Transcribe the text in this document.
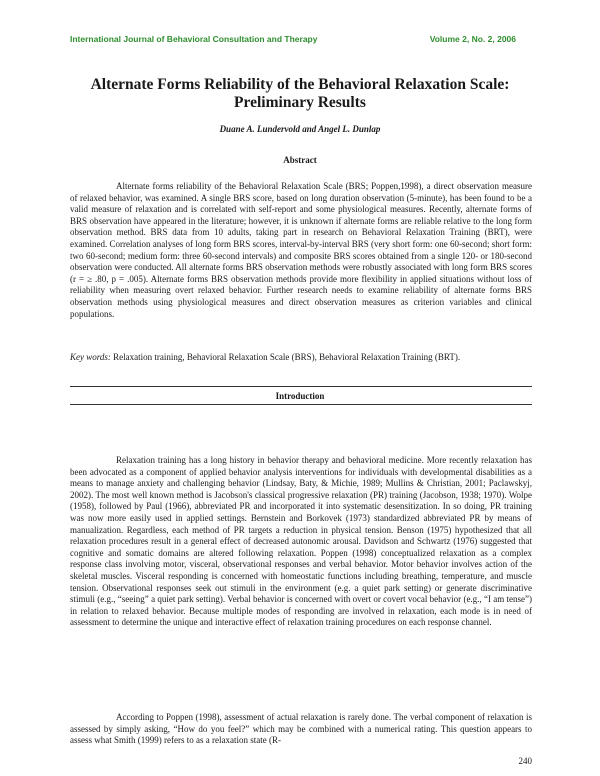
International Journal of Behavioral Consultation and Therapy	Volume 2, No. 2, 2006
Alternate Forms Reliability of the Behavioral Relaxation Scale:
Preliminary Results
Duane A. Lundervold and Angel L. Dunlap
Abstract

Alternate forms reliability of the Behavioral Relaxation Scale (BRS; Poppen,1998), a direct observation measure of relaxed behavior, was examined. A single BRS score, based on long duration observation (5-minute), has been found to be a valid measure of relaxation and is correlated with self-report and some physiological measures. Recently, alternate forms of BRS observation have appeared in the literature; however, it is unknown if alternate forms are reliable relative to the long form observation method. BRS data from 10 adults, taking part in research on Behavioral Relaxation Training (BRT), were examined. Correlation analyses of long form BRS scores, interval-by-interval BRS (very short form: one 60-second; short form: two 60-second; medium form: three 60-second intervals) and composite BRS scores obtained from a single 120- or 180-second observation were conducted. All alternate forms BRS observation methods were robustly associated with long form BRS scores (r = ≥ .80, p = .005). Alternate forms BRS observation methods provide more flexibility in applied situations without loss of reliability when measuring overt relaxed behavior. Further research needs to examine reliability of alternate forms BRS observation methods using physiological measures and direct observation measures as criterion variables and clinical populations.

Key words: Relaxation training, Behavioral Relaxation Scale (BRS), Behavioral Relaxation Training (BRT).

Introduction

Relaxation training has a long history in behavior therapy and behavioral medicine. More recently relaxation has been advocated as a component of applied behavior analysis interventions for individuals with developmental disabilities as a means to manage anxiety and challenging behavior (Lindsay, Baty, & Michie, 1989; Mullins & Christian, 2001; Paclawskyj, 2002). The most well known method is Jacobson's classical progressive relaxation (PR) training (Jacobson, 1938; 1970). Wolpe (1958), followed by Paul (1966), abbreviated PR and incorporated it into systematic desensitization. In so doing, PR training was now more easily used in applied settings. Bernstein and Borkovek (1973) standardized abbreviated PR by means of manualization. Regardless, each method of PR targets a reduction in physical tension. Benson (1975) hypothesized that all relaxation procedures result in a general effect of decreased autonomic arousal. Davidson and Schwartz (1976) suggested that cognitive and somatic domains are altered following relaxation. Poppen (1998) conceptualized relaxation as a complex response class involving motor, visceral, observational responses and verbal behavior. Motor behavior involves action of the skeletal muscles. Visceral responding is concerned with homeostatic functions including breathing, temperature, and muscle tension. Observational responses seek out stimuli in the environment (e.g. a quiet park setting) or generate discriminative stimuli (e.g., “seeing” a quiet park setting). Verbal behavior is concerned with overt or covert vocal behavior (e.g., “I am tense”) in relation to relaxed behavior. Because multiple modes of responding are involved in relaxation, each mode is in need of assessment to determine the unique and interactive effect of relaxation training procedures on each response channel.

According to Poppen (1998), assessment of actual relaxation is rarely done. The verbal component of relaxation is assessed by simply asking, “How do you feel?” which may be combined with a numerical rating. This question appears to assess what Smith (1999) refers to as a relaxation state (R-

240
